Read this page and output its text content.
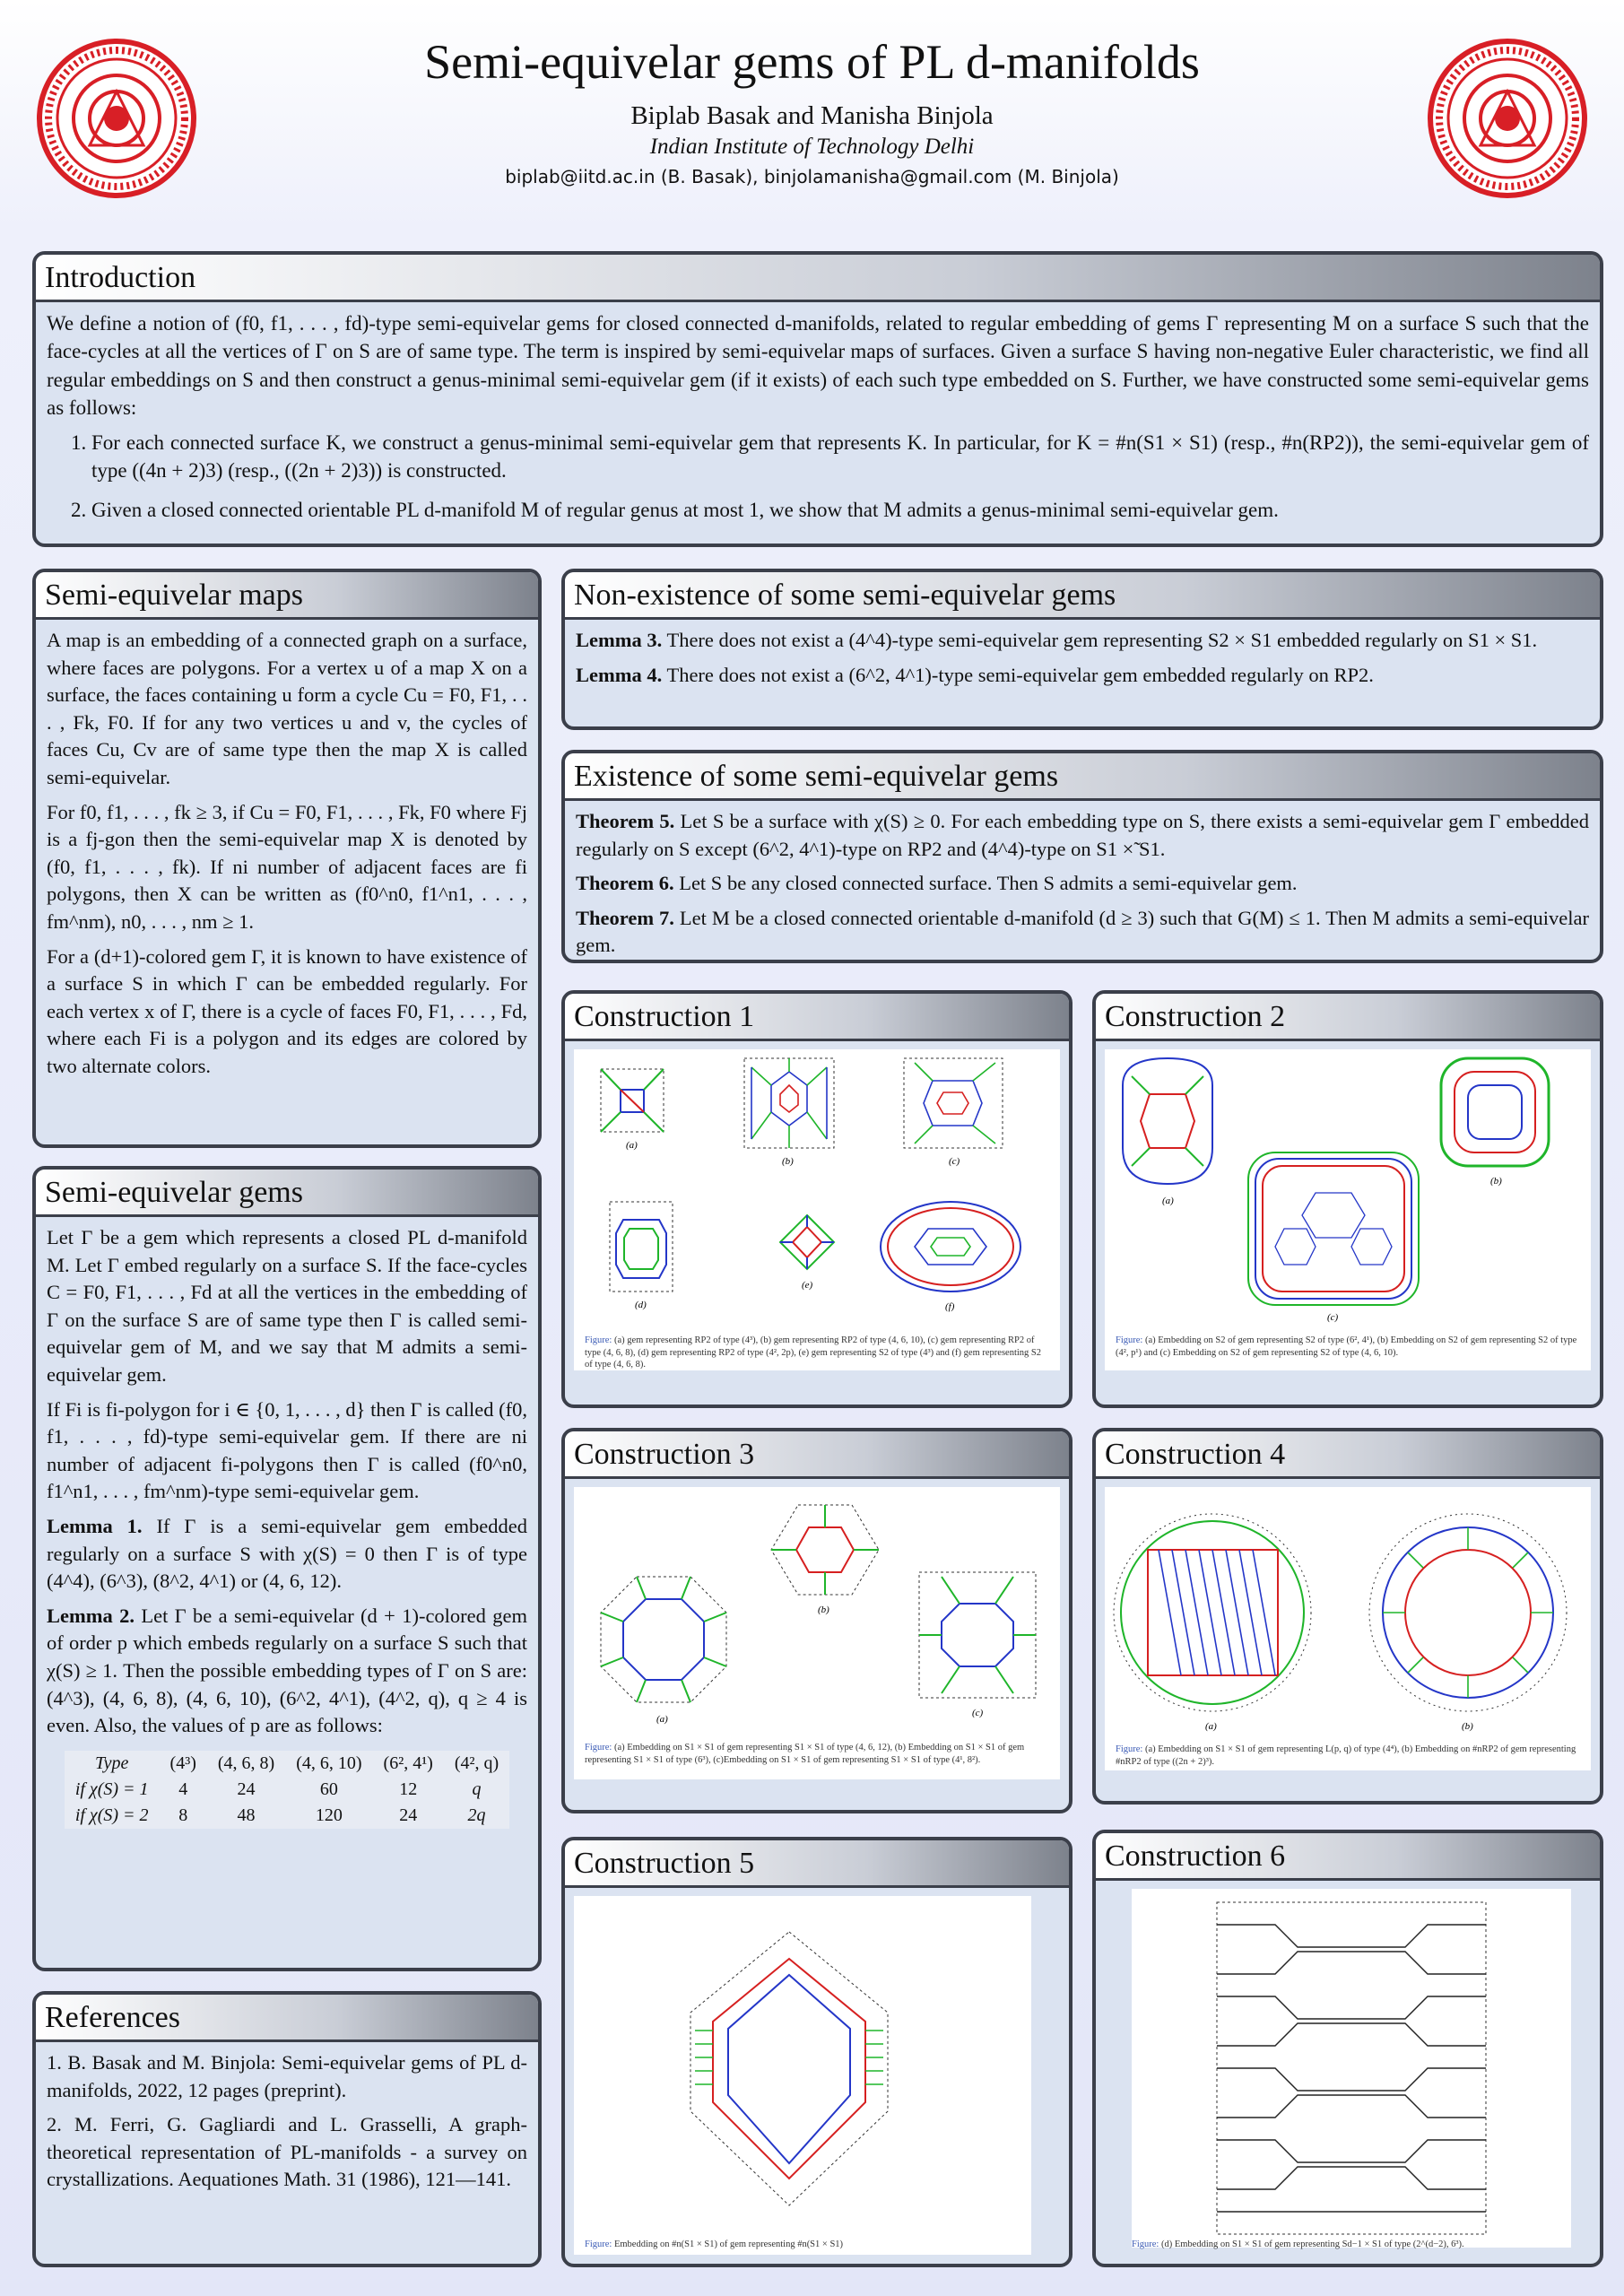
Semi-equivelar gems of PL d-manifolds
Biplab Basak and Manisha Binjola
Indian Institute of Technology Delhi
biplab@iitd.ac.in (B. Basak), binjolamanisha@gmail.com (M. Binjola)
Introduction

We define a notion of (f0, f1, . . . , fd)-type semi-equivelar gems for closed connected d-manifolds, related to regular embedding of gems Γ representing M on a surface S such that the face-cycles at all the vertices of Γ on S are of same type. The term is inspired by semi-equivelar maps of surfaces. Given a surface S having non-negative Euler characteristic, we find all regular embeddings on S and then construct a genus-minimal semi-equivelar gem (if it exists) of each such type embedded on S. Further, we have constructed some semi-equivelar gems as follows:

1. For each connected surface K, we construct a genus-minimal semi-equivelar gem that represents K. In particular, for K = #n(S1 × S1) (resp., #n(RP2)), the semi-equivelar gem of type ((4n + 2)3) (resp., ((2n + 2)3)) is constructed.
2. Given a closed connected orientable PL d-manifold M of regular genus at most 1, we show that M admits a genus-minimal semi-equivelar gem.
Semi-equivelar maps

A map is an embedding of a connected graph on a surface, where faces are polygons. For a vertex u of a map X on a surface, the faces containing u form a cycle Cu = F0, F1, . . . , Fk, F0. If for any two vertices u and v, the cycles of faces Cu, Cv are of same type then the map X is called semi-equivelar.

For f0, f1, . . . , fk ≥ 3, if Cu = F0, F1, . . . , Fk, F0 where Fj is a fj-gon then the semi-equivelar map X is denoted by (f0, f1, . . . , fk). If ni number of adjacent faces are fi polygons, then X can be written as (f0^n0, f1^n1, . . . , fm^nm), n0, . . . , nm ≥ 1.

For a (d+1)-colored gem Γ, it is known to have existence of a surface S in which Γ can be embedded regularly. For each vertex x of Γ, there is a cycle of faces F0, F1, . . . , Fd, where each Fi is a polygon and its edges are colored by two alternate colors.

Semi-equivelar gems

Let Γ be a gem which represents a closed PL d-manifold M. Let Γ embed regularly on a surface S. If the face-cycles C = F0, F1, . . . , Fd at all the vertices in the embedding of Γ on the surface S are of same type then Γ is called semi-equivelar gem of M, and we say that M admits a semi-equivelar gem.

If Fi is fi-polygon for i ∈ {0, 1, . . . , d} then Γ is called (f0, f1, . . . , fd)-type semi-equivelar gem. If there are ni number of adjacent fi-polygons then Γ is called (f0^n0, f1^n1, . . . , fm^nm)-type semi-equivelar gem.

Lemma 1. If Γ is a semi-equivelar gem embedded regularly on a surface S with χ(S) = 0 then Γ is of type (4^4), (6^3), (8^2, 4^1) or (4, 6, 12).

Lemma 2. Let Γ be a semi-equivelar (d + 1)-colored gem of order p which embeds regularly on a surface S such that χ(S) ≥ 1. Then the possible embedding types of Γ on S are: (4^3), (4, 6, 8), (4, 6, 10), (6^2, 4^1), (4^2, q), q ≥ 4 is even. Also, the values of p are as follows:

Type	(4³)	(4, 6, 8)	(4, 6, 10)	(6², 4¹)	(4², q)
if χ(S) = 1	4	24	60	12	q
if χ(S) = 2	8	48	120	24	2q
References

1. B. Basak and M. Binjola: Semi-equivelar gems of PL d-manifolds, 2022, 12 pages (preprint).

2. M. Ferri, G. Gagliardi and L. Grasselli, A graph-theoretical representation of PL-manifolds - a survey on crystallizations. Aequationes Math. 31 (1986), 121—141.

Non-existence of some semi-equivelar gems

Lemma 3. There does not exist a (4^4)-type semi-equivelar gem representing S2 × S1 embedded regularly on S1 × S1.

Lemma 4. There does not exist a (6^2, 4^1)-type semi-equivelar gem embedded regularly on RP2.

Existence of some semi-equivelar gems

Theorem 5. Let S be a surface with χ(S) ≥ 0. For each embedding type on S, there exists a semi-equivelar gem Γ embedded regularly on S except (6^2, 4^1)-type on RP2 and (4^4)-type on S1 ×̃ S1.

Theorem 6. Let S be any closed connected surface. Then S admits a semi-equivelar gem.

Theorem 7. Let M be a closed connected orientable d-manifold (d ≥ 3) such that G(M) ≤ 1. Then M admits a semi-equivelar gem.

Construction 1
(a)
(b)	(c)
(d)
(e)
(f)
Figure: (a) gem representing RP2 of type (4³), (b) gem representing RP2 of type (4, 6, 10), (c) gem representing RP2 of type (4, 6, 8), (d) gem representing RP2 of type (4², 2p), (e) gem representing S2 of type (4³) and (f) gem representing S2 of type (4, 6, 8).
Construction 2
(a)
(b)
(c)
Figure: (a) Embedding on S2 of gem representing S2 of type (6², 4¹), (b) Embedding on S2 of gem representing S2 of type (4², p¹) and (c) Embedding on S2 of gem representing S2 of type (4, 6, 10).
Construction 3
(a)
(b)
(c)
Figure: (a) Embedding on S1 × S1 of gem representing S1 × S1 of type (4, 6, 12), (b) Embedding on S1 × S1 of gem representing S1 × S1 of type (6³), (c)Embedding on S1 × S1 of gem representing S1 × S1 of type (4¹, 8²).
Construction 4
(a)	(b)
Figure: (a) Embedding on S1 × S1 of gem representing L(p, q) of type (4⁴), (b) Embedding on #nRP2 of gem representing #nRP2 of type ((2n + 2)³).
Construction 5
Figure: Embedding on #n(S1 × S1) of gem representing #n(S1 × S1)
Construction 6
Figure: (d) Embedding on S1 × S1 of gem representing Sd−1 × S1 of type (2^(d−2), 6³).
